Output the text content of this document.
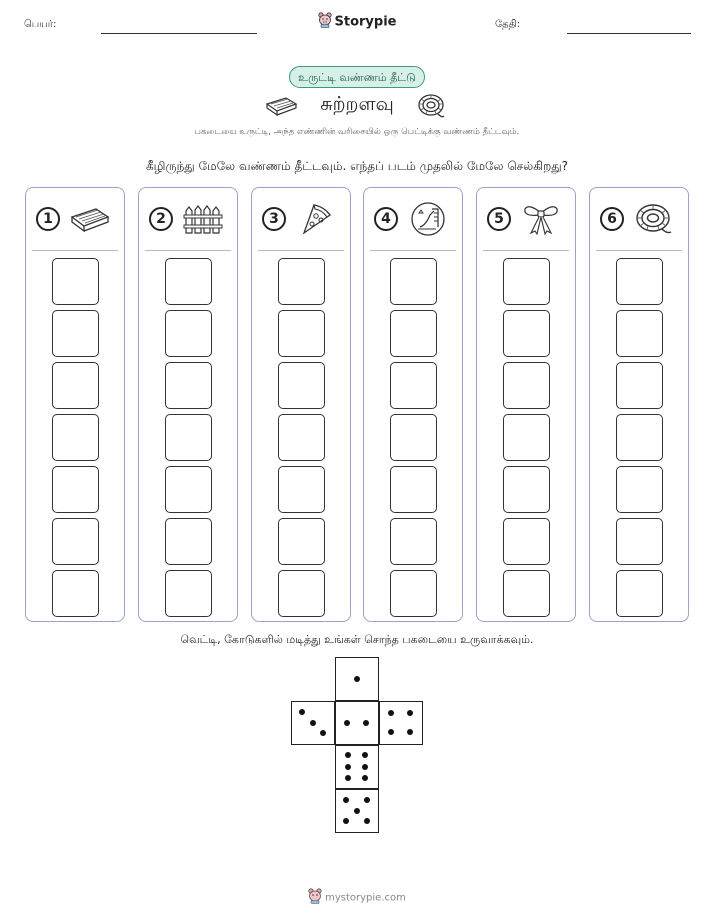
பெயர்:	தேதி:
Storypie
உருட்டி வண்ணம் தீட்டு
சுற்றளவு
பகடையை உருட்டி, அந்த எண்ணின் வரிசையில் ஒரு பெட்டிக்கு வண்ணம் தீட்டவும்.
கீழிருந்து மேலே வண்ணம் தீட்டவும். எந்தப் படம் முதலில் மேலே செல்கிறது?
1	2	3	4	5	6
வெட்டி, கோடுகளில் மடித்து உங்கள் சொந்த பகடையை உருவாக்கவும்.
mystorypie.com
